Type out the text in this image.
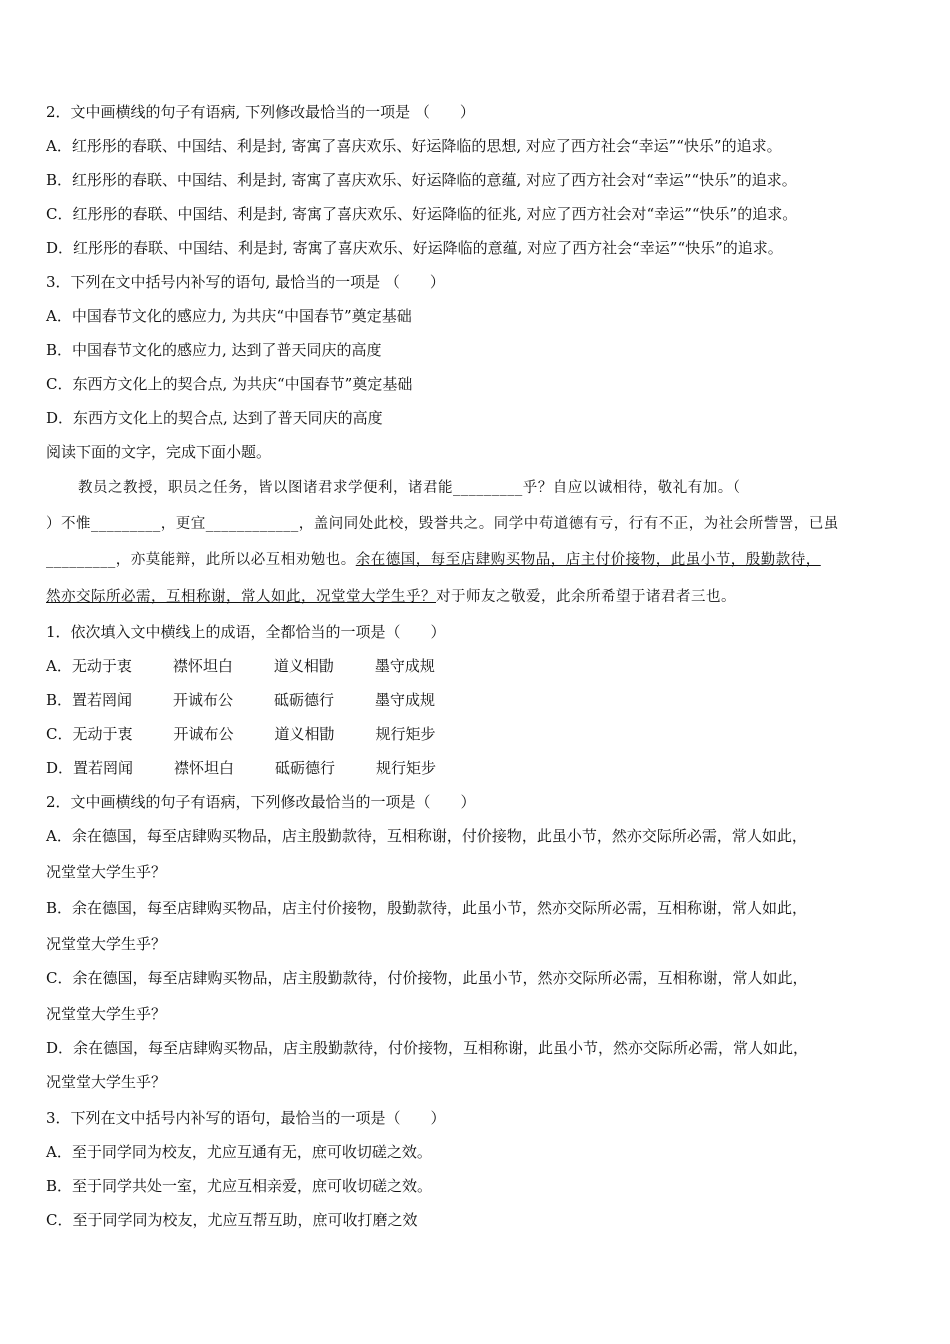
2．文中画横线的句子有语病, 下列修改最恰当的一项是 （　　）
A．红彤彤的春联、中国结、利是封, 寄寓了喜庆欢乐、好运降临的思想, 对应了西方社会“幸运”“快乐”的追求。
B．红彤彤的春联、中国结、利是封, 寄寓了喜庆欢乐、好运降临的意蕴, 对应了西方社会对“幸运”“快乐”的追求。
C．红彤彤的春联、中国结、利是封, 寄寓了喜庆欢乐、好运降临的征兆, 对应了西方社会对“幸运”“快乐”的追求。
D．红彤彤的春联、中国结、利是封, 寄寓了喜庆欢乐、好运降临的意蕴, 对应了西方社会“幸运”“快乐”的追求。
3．下列在文中括号内补写的语句, 最恰当的一项是 （　　）
A．中国春节文化的感应力, 为共庆“中国春节”奠定基础
B．中国春节文化的感应力, 达到了普天同庆的高度
C．东西方文化上的契合点, 为共庆“中国春节”奠定基础
D．东西方文化上的契合点, 达到了普天同庆的高度
阅读下面的文字，完成下面小题。
教员之教授，职员之任务，皆以图诸君求学便利，诸君能_________乎？自应以诚相待，敬礼有加。（
）不惟_________，更宜____________，盖问同处此校，毁誉共之。同学中苟道德有亏，行有不正，为社会所訾詈，已虽
_________，亦莫能辩，此所以必互相劝勉也。余在德国，每至店肆购买物品，店主付价接物，此虽小节，殷勤款待，
然亦交际所必需，互相称谢，常人如此，况堂堂大学生乎？对于师友之敬爱，此余所希望于诸君者三也。
1．依次填入文中横线上的成语，全都恰当的一项是（　　）
A．无动于衷	襟怀坦白	道义相勖	墨守成规
B．置若罔闻	开诚布公	砥砺德行	墨守成规
C．无动于衷	开诚布公	道义相勖	规行矩步
D．置若罔闻	襟怀坦白	砥砺德行	规行矩步
2．文中画横线的句子有语病，下列修改最恰当的一项是（　　）
A．余在德国，每至店肆购买物品，店主殷勤款待，互相称谢，付价接物，此虽小节，然亦交际所必需，常人如此，
况堂堂大学生乎？
B．余在德国，每至店肆购买物品，店主付价接物，殷勤款待，此虽小节，然亦交际所必需，互相称谢，常人如此，
况堂堂大学生乎？
C．余在德国，每至店肆购买物品，店主殷勤款待，付价接物，此虽小节，然亦交际所必需，互相称谢，常人如此，
况堂堂大学生乎？
D．余在德国，每至店肆购买物品，店主殷勤款待，付价接物，互相称谢，此虽小节，然亦交际所必需，常人如此，
况堂堂大学生乎？
3．下列在文中括号内补写的语句，最恰当的一项是（　　）
A．至于同学同为校友，尤应互通有无，庶可收切磋之效。
B．至于同学共处一室，尤应互相亲爱，庶可收切磋之效。
C．至于同学同为校友，尤应互帮互助，庶可收打磨之效
